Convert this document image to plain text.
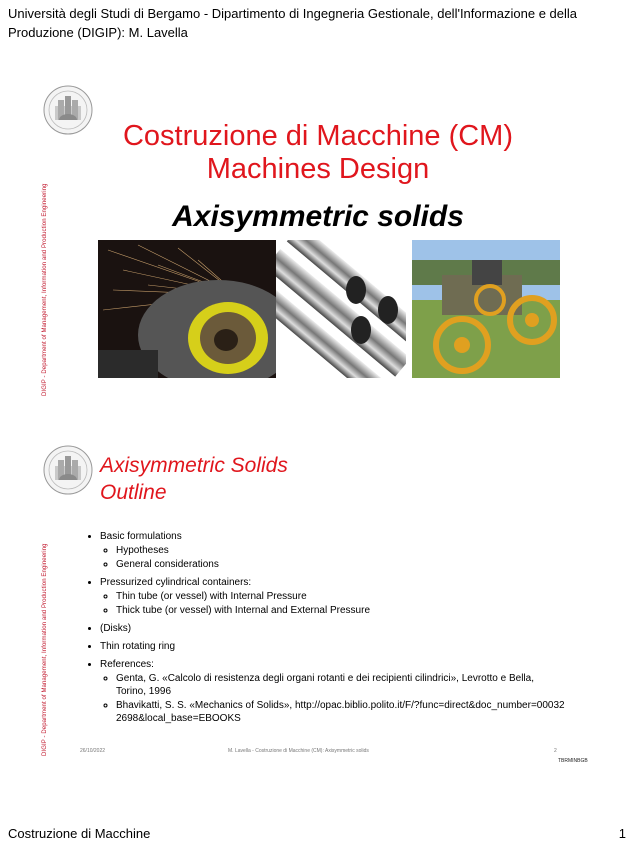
Università degli Studi di Bergamo - Dipartimento di Ingegneria Gestionale, dell'Informazione e della Produzione (DIGIP): M. Lavella
DIGIP - Department of Management, Information and Production Engineering
Costruzione di Macchine (CM)
Machines Design
Axisymmetric solids
DIGIP - Department of Management, Information and Production Engineering
Axisymmetric Solids
Outline
• Basic formulations
◦ Hypotheses
◦ General considerations
• Pressurized cylindrical containers:
◦ Thin tube (or vessel) with Internal Pressure
◦ Thick tube (or vessel) with Internal and External Pressure
• (Disks)
• Thin rotating ring
• References:
◦ Genta, G. «Calcolo di resistenza degli organi rotanti e dei recipienti cilindrici», Levrotto e Bella, Torino, 1996
◦ Bhavikatti, S. S. «Mechanics of Solids», http://opac.biblio.polito.it/F/?func=direct&doc_number=000322698&local_base=EBOOKS
26/10/2022	M. Lavella - Costruzione di Macchine (CM): Axisymmetric solids	2
TBRMINBGB
Costruzione di Macchine	1
